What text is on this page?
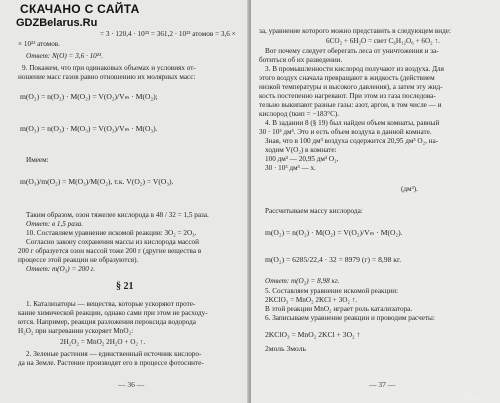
СКАЧАНО С САЙТА
GDZBelarus.Ru
= 3 · 120,4 · 10²³ = 361,2 · 10²³ атомов = 3,6 ×
× 10²³ атомов.
Ответ: N(O) = 3,6 · 10²³.
9. Покажем, что при одинаковых объемах и условиях от-
ношение масс газов равно отношению их молярных масс:
m(O₂) = n(O₂) · M(O₂) = V(O₂)/Vₘ · M(O₂);
m(O₃) = n(O₃) · M(O₃) = V(O₃)/Vₘ · M(O₃).
Имеем:
m(O₃)/m(O₂) = M(O₃)/M(O₂), т.к. V(O₂) = V(O₃).
Таким образом, озон тяжелее кислорода в 48 / 32 = 1,5 раза.
Ответ: в 1,5 раза.
10. Составляем уравнение искомой реакции: 3O₂ = 2O₃.
Согласно закону сохранения массы из кислорода массой
200 г образуется озон массой тоже 200 г (другие вещества в
процессе этой реакции не образуются).
Ответ: m(O₃) = 200 г.
§ 21
1. Катализаторы — вещества, которые ускоряют проте-
кание химической реакции, однако сами при этом не расходу-
ются. Например, реакция разложения пероксида водорода
H₂O₂ при нагревании ускоряет MnO₂:
2H₂O₂ = MnO₂ 2H₂O + O₂ ↑.
2. Зеленые растения — единственный источник кислоро-
да на Земле. Растение производят его в процессе фотосинте-
— 36 —
за, уравнение которого можно представить в следующем виде:
6CO₂ + 6H₂O = свет C₆H₁₂O₆ + 6O₂ ↑.
Вот почему следует оберегать леса от уничтожения и за-
ботиться об их разведении.
3. В промышленности кислород получают из воздуха. Для
этого воздух сначала превращают в жидкость (действием
низкой температуры и высокого давления), а затем эту жид-
кость постепенно нагревают. При этом из газа последова-
тельно выкипают разные газы: азот, аргон, в том числе — и
кислород (tкип = −183°C).
4. В задании 8 (§ 19) был найден объем комнаты, равный
30 · 10³ дм³. Это и есть объем воздуха в данной комнате.
Зная, что в 100 дм³ воздуха содержится 20,95 дм³ O₂, на-
ходим V(O₂) в комнате:
100 дм³ — 20,95 дм³ O₂,
30 · 10³ дм³ — x.
(дм³).
Рассчитываем массу кислорода:
m(O₂) = n(O₂) · M(O₂) = V(O₂)/Vₘ · M(O₂).
m(O₂) = 6285/22,4 · 32 = 8979 (г) = 8,98 кг.
Ответ: m(O₂) = 8,98 кг.
5. Составляем уравнение искомой реакции:
2KClO₃ = MnO₂ 2KCl + 3O₂ ↑.
В этой реакции MnO₂ играет роль катализатора.
6. Записываем уравнение реакции и проводим расчеты:
2KClO₃ = MnO₂ 2KCl + 3O₂ ↑
2моль 3моль
— 37 —
www.GDZBelarus.Ru
